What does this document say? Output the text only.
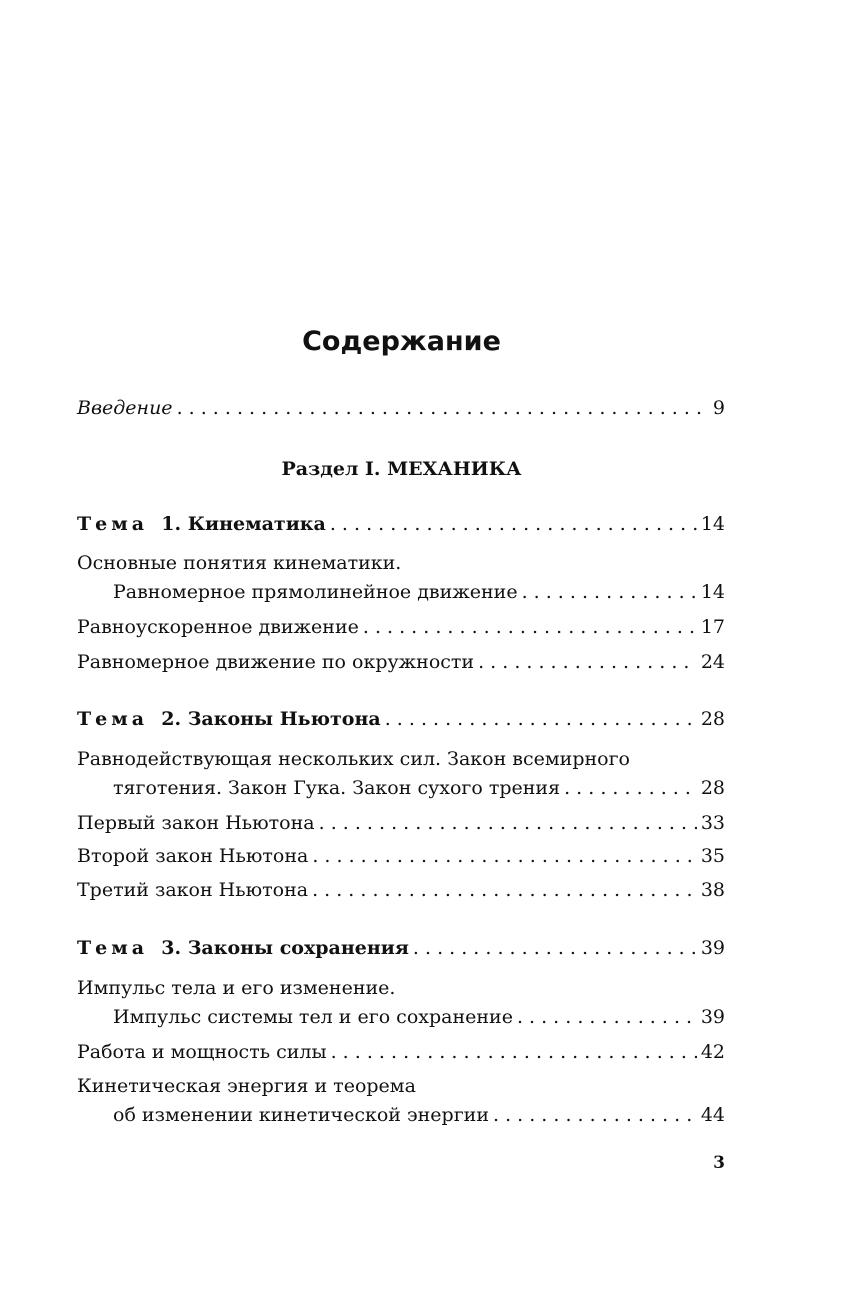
Содержание
Введение . . .	9
Раздел I. МЕХАНИКА
Тема 1. Кинематика . . .	14
Основные понятия кинематики.
Равномерное прямолинейное движение . . .	14
Равноускоренное движение . . .	17
Равномерное движение по окружности . . .	24
Тема 2. Законы Ньютона . . .	28
Равнодействующая нескольких сил. Закон всемирного
тяготения. Закон Гука. Закон сухого трения . . .	28
Первый закон Ньютона . . .	33
Второй закон Ньютона . . .	35
Третий закон Ньютона . . .	38
Тема 3. Законы сохранения . . .	39
Импульс тела и его изменение.
Импульс системы тел и его сохранение . . .	39
Работа и мощность силы . . .	42
Кинетическая энергия и теорема
об изменении кинетической энергии . . .	44
3
